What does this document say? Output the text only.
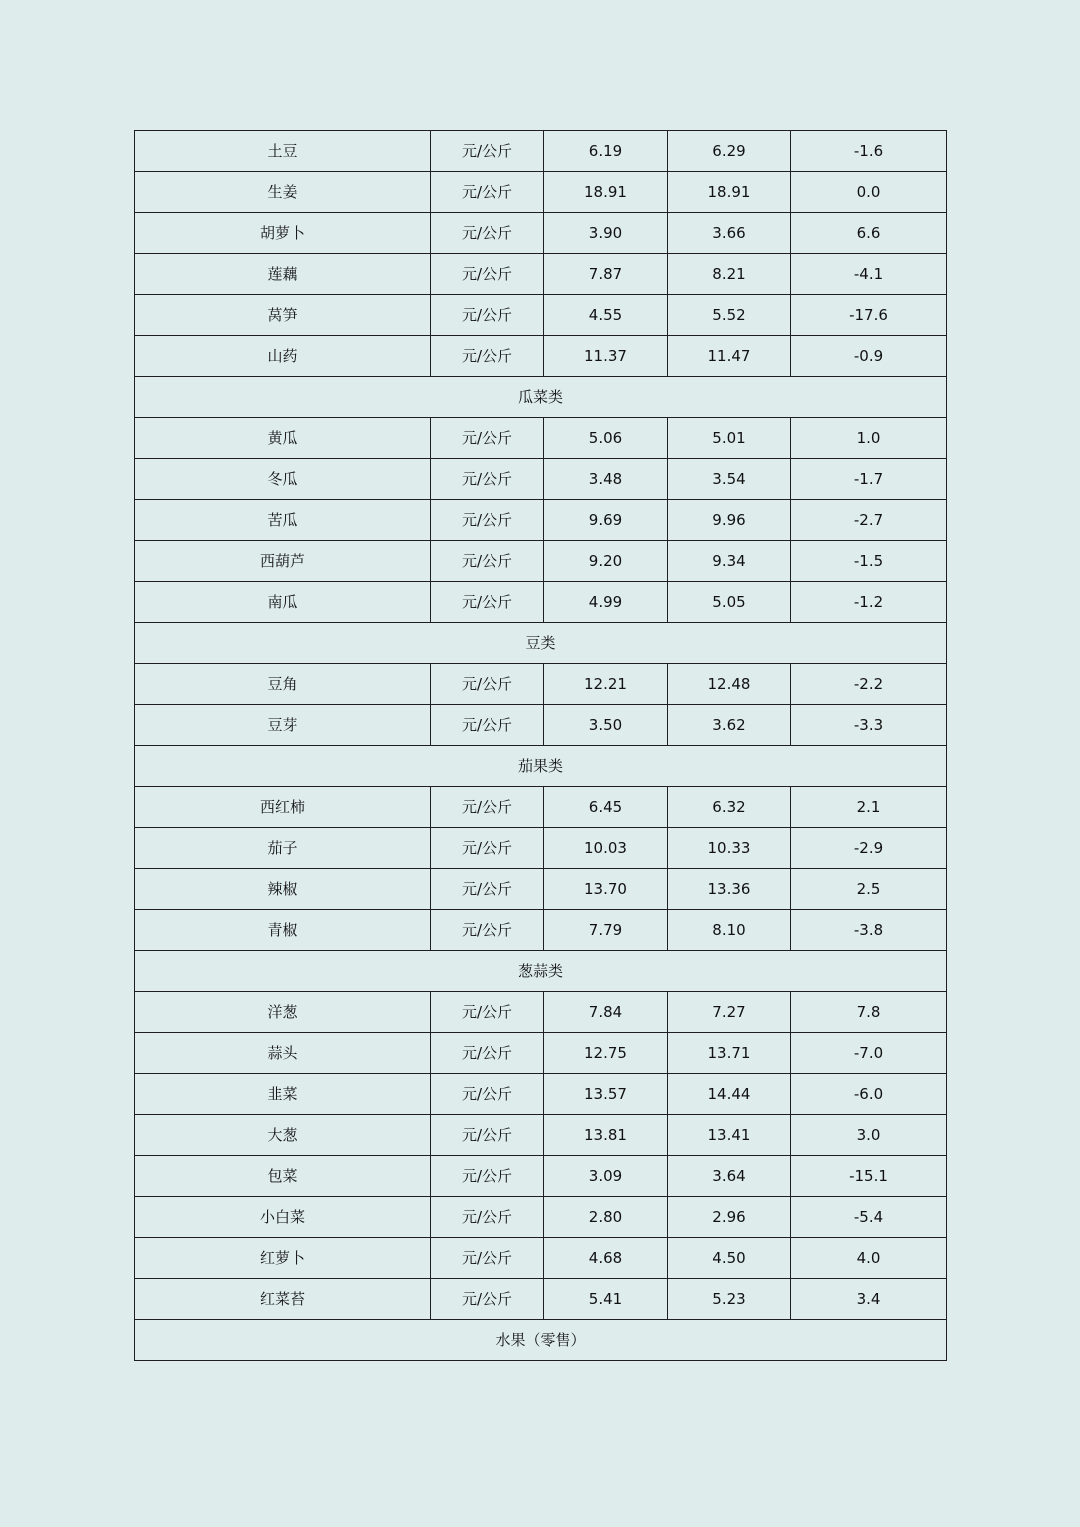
土豆	元/公斤	6.19	6.29	-1.6
生姜	元/公斤	18.91	18.91	0.0
胡萝卜	元/公斤	3.90	3.66	6.6
莲藕	元/公斤	7.87	8.21	-4.1
莴笋	元/公斤	4.55	5.52	-17.6
山药	元/公斤	11.37	11.47	-0.9
瓜菜类				
黄瓜	元/公斤	5.06	5.01	1.0
冬瓜	元/公斤	3.48	3.54	-1.7
苦瓜	元/公斤	9.69	9.96	-2.7
西葫芦	元/公斤	9.20	9.34	-1.5
南瓜	元/公斤	4.99	5.05	-1.2
豆类				
豆角	元/公斤	12.21	12.48	-2.2
豆芽	元/公斤	3.50	3.62	-3.3
茄果类				
西红柿	元/公斤	6.45	6.32	2.1
茄子	元/公斤	10.03	10.33	-2.9
辣椒	元/公斤	13.70	13.36	2.5
青椒	元/公斤	7.79	8.10	-3.8
葱蒜类				
洋葱	元/公斤	7.84	7.27	7.8
蒜头	元/公斤	12.75	13.71	-7.0
韭菜	元/公斤	13.57	14.44	-6.0
大葱	元/公斤	13.81	13.41	3.0
包菜	元/公斤	3.09	3.64	-15.1
小白菜	元/公斤	2.80	2.96	-5.4
红萝卜	元/公斤	4.68	4.50	4.0
红菜苔	元/公斤	5.41	5.23	3.4
水果（零售）				
